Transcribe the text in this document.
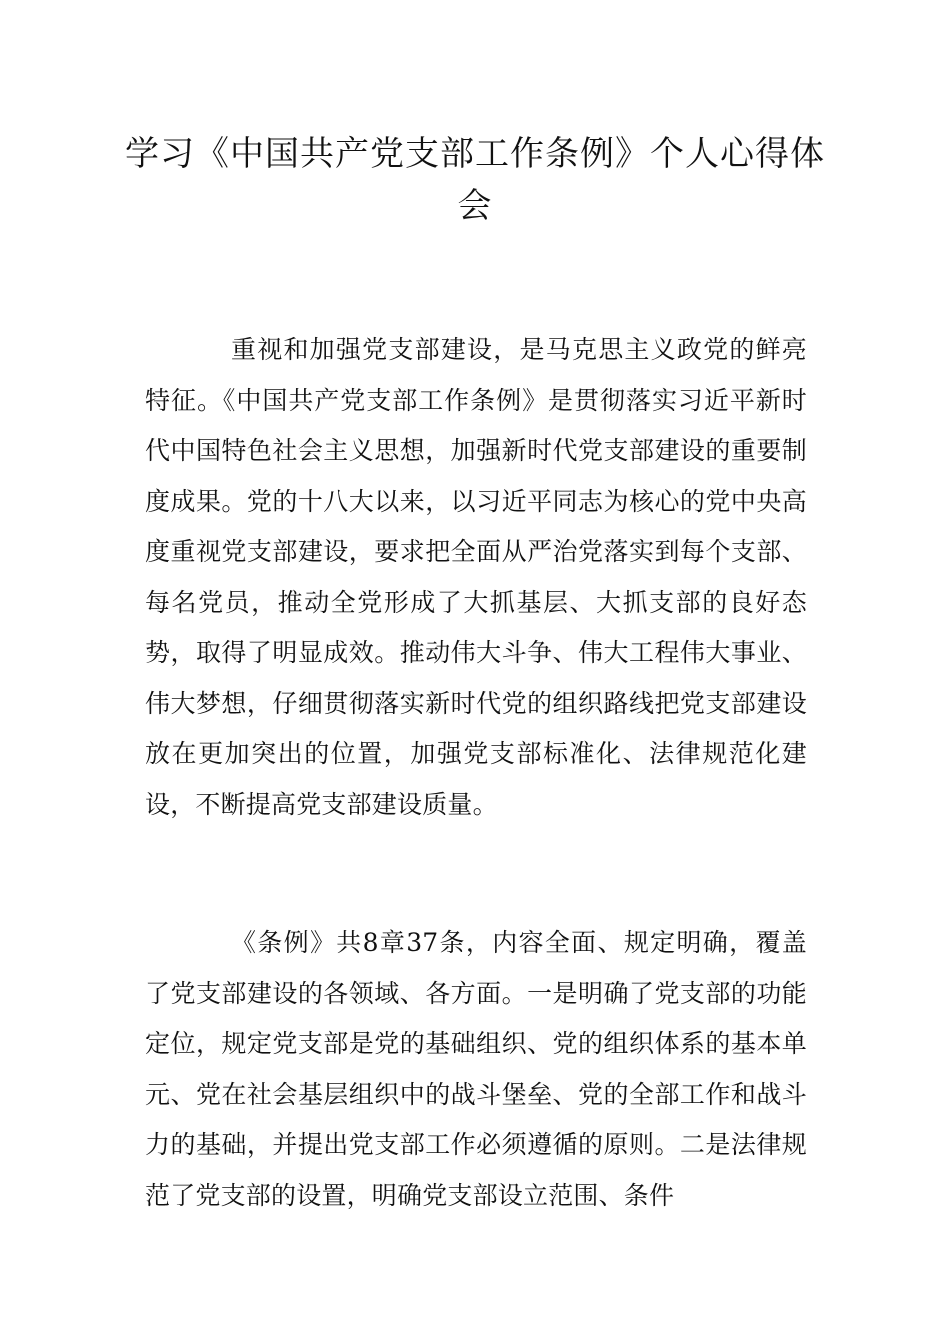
学习《中国共产党支部工作条例》个人心得体会

重视和加强党支部建设，是马克思主义政党的鲜亮特征。《中国共产党支部工作条例》是贯彻落实习近平新时代中国特色社会主义思想，加强新时代党支部建设的重要制度成果。党的十八大以来，以习近平同志为核心的党中央高度重视党支部建设，要求把全面从严治党落实到每个支部、每名党员，推动全党形成了大抓基层、大抓支部的良好态势，取得了明显成效。推动伟大斗争、伟大工程伟大事业、伟大梦想，仔细贯彻落实新时代党的组织路线把党支部建设放在更加突出的位置，加强党支部标准化、法律规范化建设，不断提高党支部建设质量。

《条例》共8章37条，内容全面、规定明确，覆盖了党支部建设的各领域、各方面。一是明确了党支部的功能定位，规定党支部是党的基础组织、党的组织体系的基本单元、党在社会基层组织中的战斗堡垒、党的全部工作和战斗力的基础，并提出党支部工作必须遵循的原则。二是法律规范了党支部的设置，明确党支部设立范围、条件
